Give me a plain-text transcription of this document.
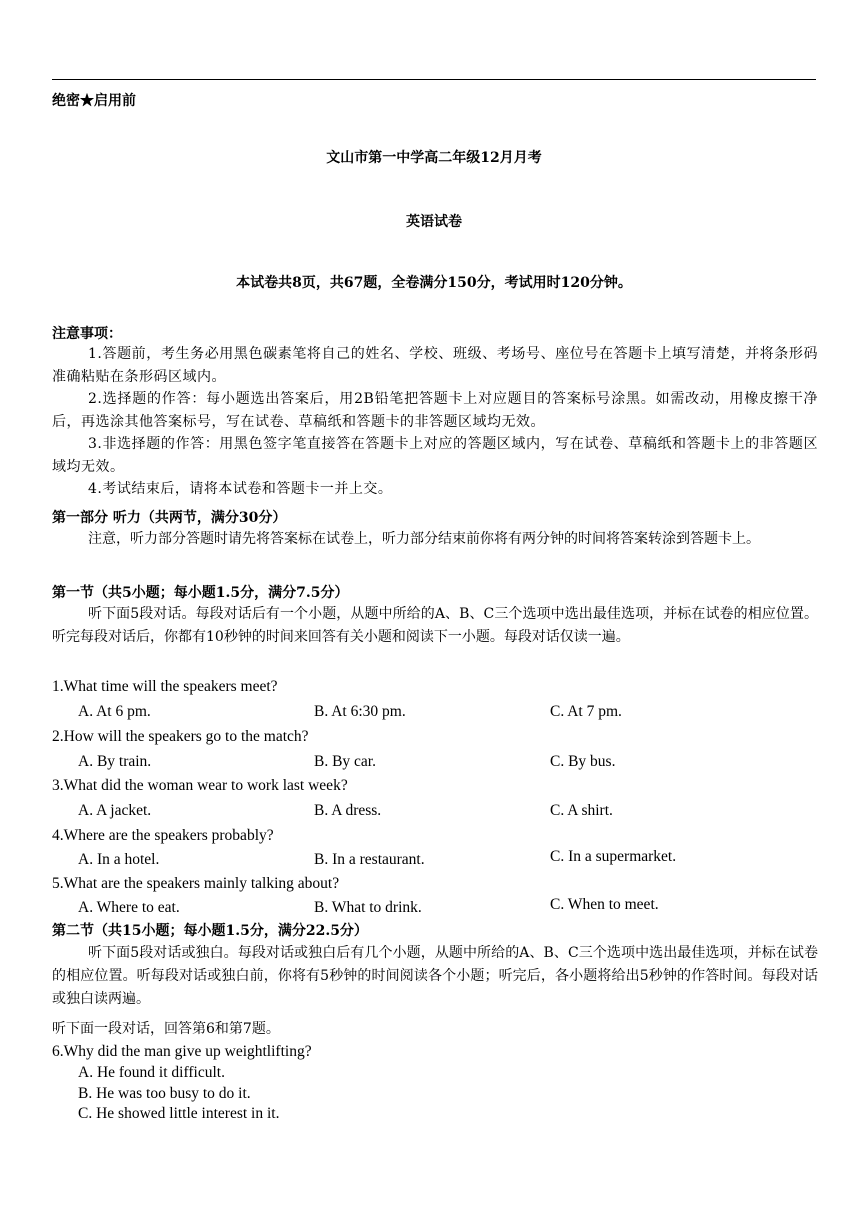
绝密★启用前
文山市第一中学高二年级12月月考
英语试卷
本试卷共8页，共67题，全卷满分150分，考试用时120分钟。
注意事项：
1.答题前，考生务必用黑色碳素笔将自己的姓名、学校、班级、考场号、座位号在答题卡上填写清楚，并将条形码准确粘贴在条形码区域内。
2.选择题的作答：每小题选出答案后，用2B铅笔把答题卡上对应题目的答案标号涂黑。如需改动，用橡皮擦干净后，再选涂其他答案标号，写在试卷、草稿纸和答题卡的非答题区域均无效。
3.非选择题的作答：用黑色签字笔直接答在答题卡上对应的答题区域内，写在试卷、草稿纸和答题卡上的非答题区域均无效。
4.考试结束后，请将本试卷和答题卡一并上交。
第一部分 听力（共两节，满分30分）
注意，听力部分答题时请先将答案标在试卷上，听力部分结束前你将有两分钟的时间将答案转涂到答题卡上。
第一节（共5小题；每小题1.5分，满分7.5分）
听下面5段对话。每段对话后有一个小题，从题中所给的A、B、C三个选项中选出最佳选项，并标在试卷的相应位置。听完每段对话后，你都有10秒钟的时间来回答有关小题和阅读下一小题。每段对话仅读一遍。
1.What time will the speakers meet?
A. At 6 pm.	B. At 6:30 pm.	C. At 7 pm.
2.How will the speakers go to the match?
A. By train.	B. By car.	C. By bus.
3.What did the woman wear to work last week?
A. A jacket.	B. A dress.	C. A shirt.
4.Where are the speakers probably?
A. In a hotel.	B. In a restaurant.	C. In a supermarket.
5.What are the speakers mainly talking about?
A. Where to eat.	B. What to drink.	C. When to meet.
第二节（共15小题；每小题1.5分，满分22.5分）
听下面5段对话或独白。每段对话或独白后有几个小题，从题中所给的A、B、C三个选项中选出最佳选项，并标在试卷的相应位置。听每段对话或独白前，你将有5秒钟的时间阅读各个小题；听完后，各小题将给出5秒钟的作答时间。每段对话或独白读两遍。
听下面一段对话，回答第6和第7题。
6.Why did the man give up weightlifting?
A. He found it difficult.
B. He was too busy to do it.
C. He showed little interest in it.
